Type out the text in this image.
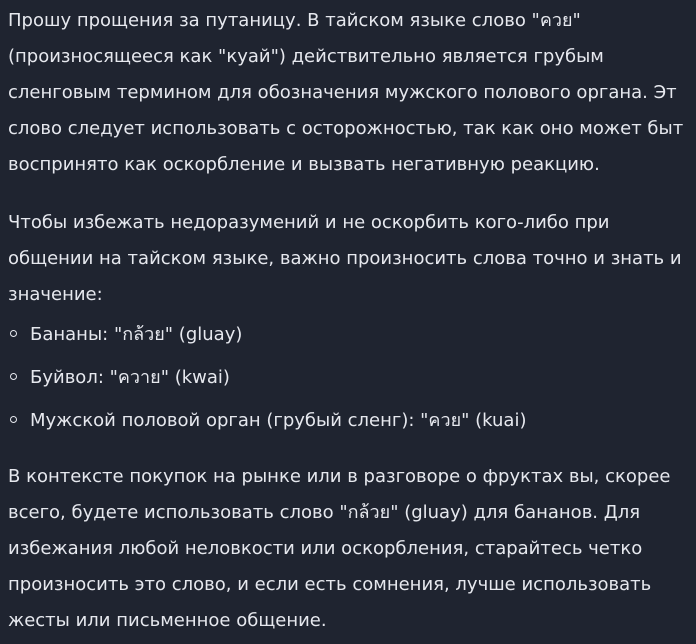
Прошу прощения за путаницу. В тайском языке слово "ควย"
(произносящееся как "куай") действительно является грубым
сленговым термином для обозначения мужского полового органа. Эт
слово следует использовать с осторожностью, так как оно может быт
воспринято как оскорбление и вызвать негативную реакцию.
Чтобы избежать недоразумений и не оскорбить кого-либо при
общении на тайском языке, важно произносить слова точно и знать и
значение:
Бананы: "กล้วย" (gluay)
Буйвол: "ควาย" (kwai)
Мужской половой орган (грубый сленг): "ควย" (kuai)
В контексте покупок на рынке или в разговоре о фруктах вы, скорее
всего, будете использовать слово "กล้วย" (gluay) для бананов. Для
избежания любой неловкости или оскорбления, старайтесь четко
произносить это слово, и если есть сомнения, лучше использовать
жесты или письменное общение.
